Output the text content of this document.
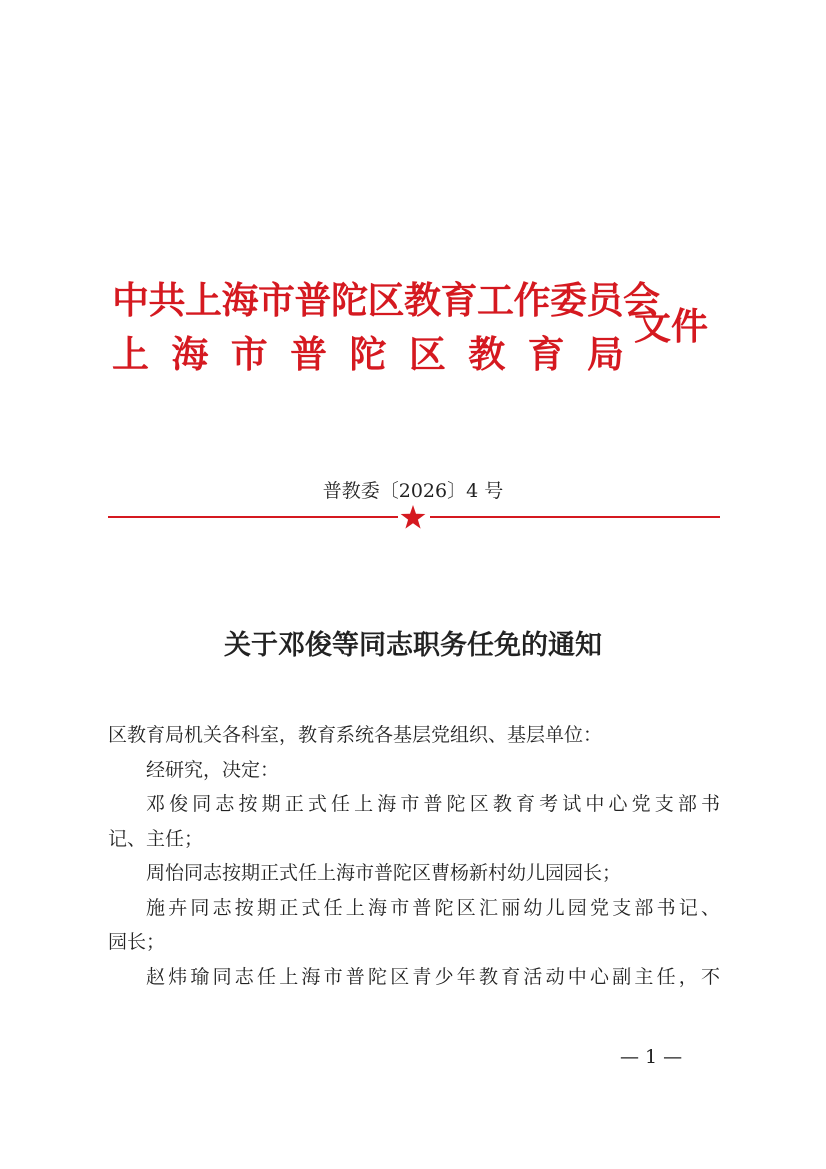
中共上海市普陀区教育工作委员会
上 海 市 普 陀 区 教 育 局
文件
普教委〔2026〕4 号
关于邓俊等同志职务任免的通知

区教育局机关各科室，教育系统各基层党组织、基层单位：

经研究，决定：

邓俊同志按期正式任上海市普陀区教育考试中心党支部书

记、主任；

周怡同志按期正式任上海市普陀区曹杨新村幼儿园园长；

施卉同志按期正式任上海市普陀区汇丽幼儿园党支部书记、

园长；

赵炜瑜同志任上海市普陀区青少年教育活动中心副主任，不

— 1 —
